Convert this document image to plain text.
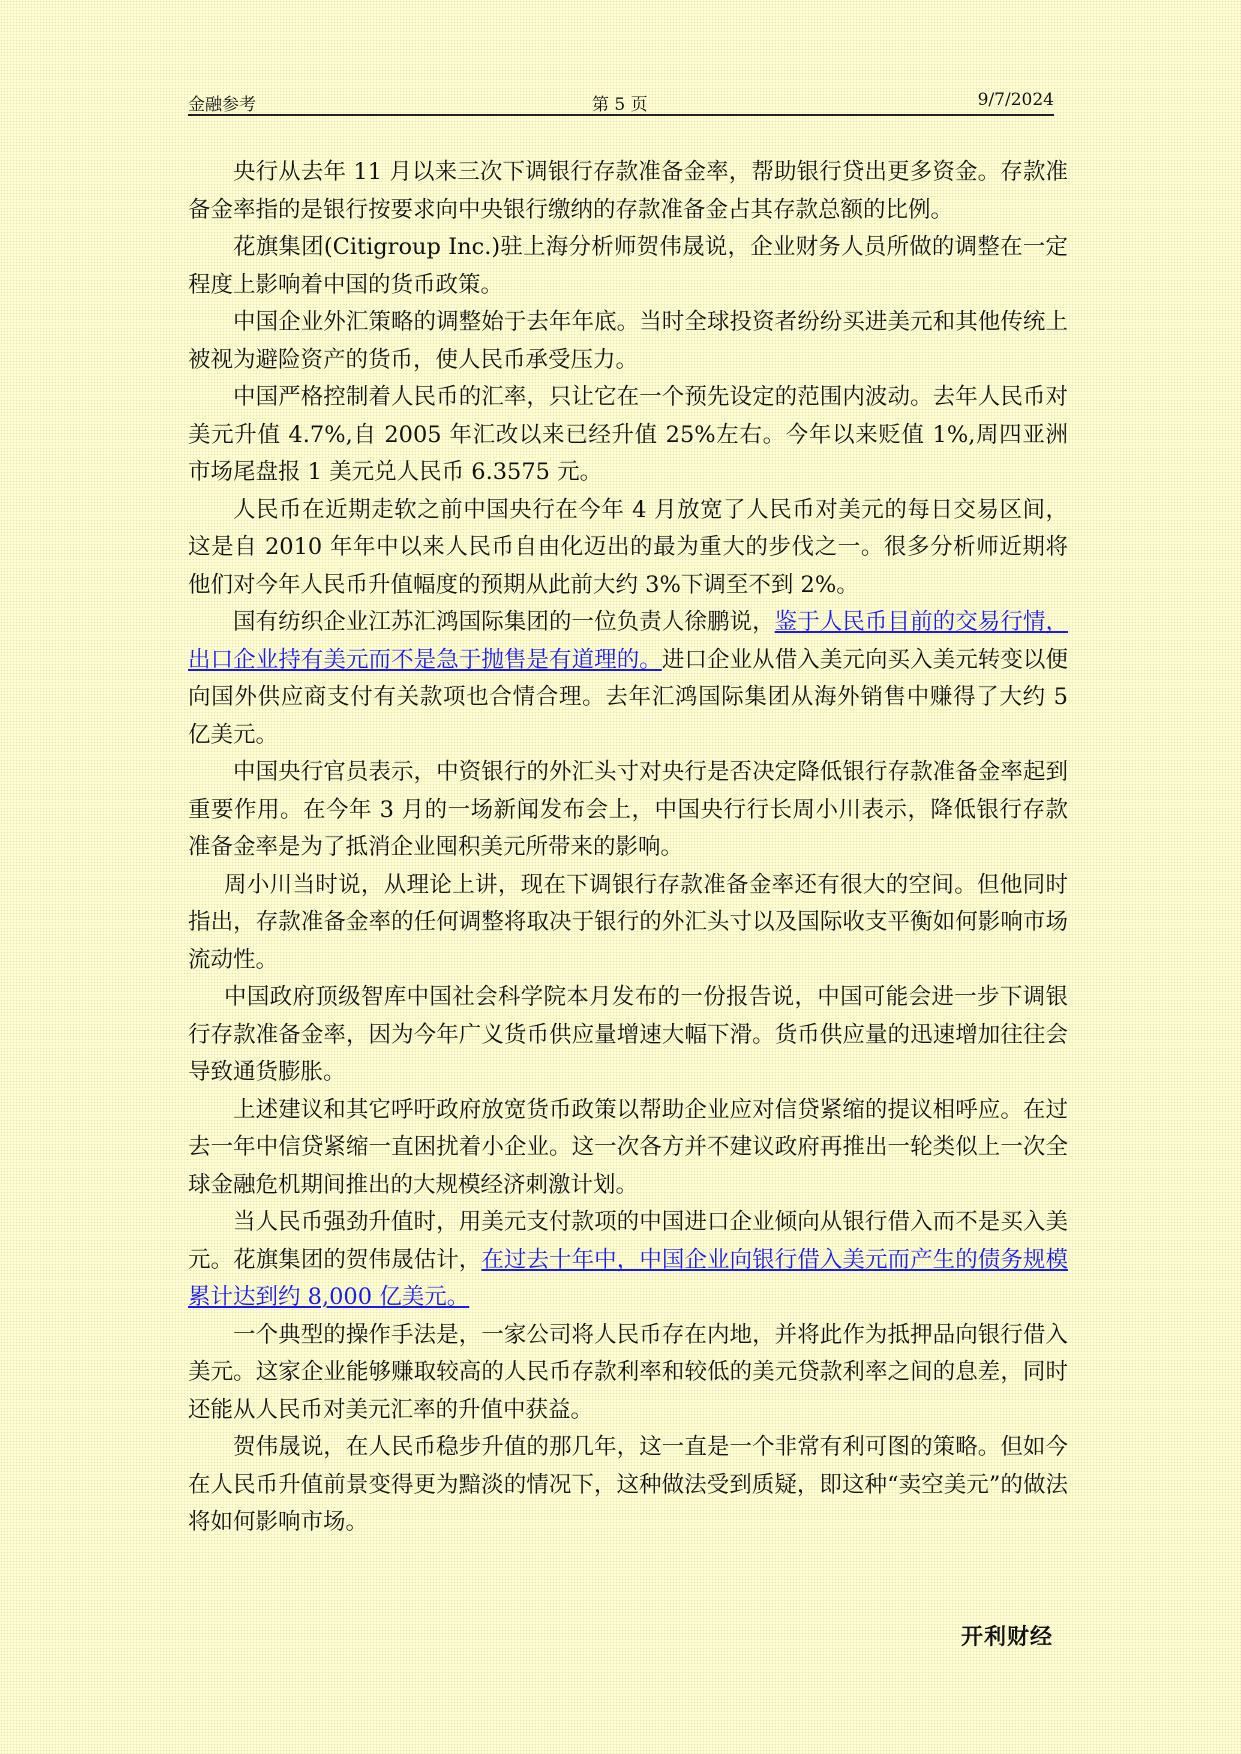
金融参考	第 5 页	9/7/2024

央行从去年 11 月以来三次下调银行存款准备金率，帮助银行贷出更多资金。存款准备金率指的是银行按要求向中央银行缴纳的存款准备金占其存款总额的比例。

花旗集团(Citigroup Inc.)驻上海分析师贺伟晟说，企业财务人员所做的调整在一定程度上影响着中国的货币政策。

中国企业外汇策略的调整始于去年年底。当时全球投资者纷纷买进美元和其他传统上被视为避险资产的货币，使人民币承受压力。

中国严格控制着人民币的汇率，只让它在一个预先设定的范围内波动。去年人民币对美元升值 4.7%,自 2005 年汇改以来已经升值 25%左右。今年以来贬值 1%,周四亚洲市场尾盘报 1 美元兑人民币 6.3575 元。

人民币在近期走软之前中国央行在今年 4 月放宽了人民币对美元的每日交易区间，这是自 2010 年年中以来人民币自由化迈出的最为重大的步伐之一。很多分析师近期将他们对今年人民币升值幅度的预期从此前大约 3%下调至不到 2%。

国有纺织企业江苏汇鸿国际集团的一位负责人徐鹏说，鉴于人民币目前的交易行情，出口企业持有美元而不是急于抛售是有道理的。进口企业从借入美元向买入美元转变以便向国外供应商支付有关款项也合情合理。去年汇鸿国际集团从海外销售中赚得了大约 5 亿美元。

中国央行官员表示，中资银行的外汇头寸对央行是否决定降低银行存款准备金率起到重要作用。在今年 3 月的一场新闻发布会上，中国央行行长周小川表示，降低银行存款准备金率是为了抵消企业囤积美元所带来的影响。

周小川当时说，从理论上讲，现在下调银行存款准备金率还有很大的空间。但他同时指出，存款准备金率的任何调整将取决于银行的外汇头寸以及国际收支平衡如何影响市场流动性。

中国政府顶级智库中国社会科学院本月发布的一份报告说，中国可能会进一步下调银行存款准备金率，因为今年广义货币供应量增速大幅下滑。货币供应量的迅速增加往往会导致通货膨胀。

上述建议和其它呼吁政府放宽货币政策以帮助企业应对信贷紧缩的提议相呼应。在过去一年中信贷紧缩一直困扰着小企业。这一次各方并不建议政府再推出一轮类似上一次全球金融危机期间推出的大规模经济刺激计划。

当人民币强劲升值时，用美元支付款项的中国进口企业倾向从银行借入而不是买入美元。花旗集团的贺伟晟估计，在过去十年中，中国企业向银行借入美元而产生的债务规模累计达到约 8,000 亿美元。

一个典型的操作手法是，一家公司将人民币存在内地，并将此作为抵押品向银行借入美元。这家企业能够赚取较高的人民币存款利率和较低的美元贷款利率之间的息差，同时还能从人民币对美元汇率的升值中获益。

贺伟晟说，在人民币稳步升值的那几年，这一直是一个非常有利可图的策略。但如今在人民币升值前景变得更为黯淡的情况下，这种做法受到质疑，即这种“卖空美元”的做法将如何影响市场。

开利财经
